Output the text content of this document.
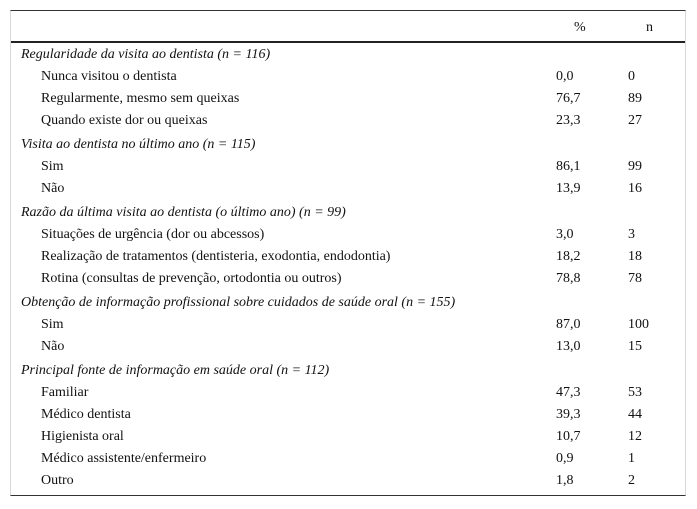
%	n
Regularidade da visita ao dentista (n = 116)
Nunca visitou o dentista	0,0	0
Regularmente, mesmo sem queixas	76,7	89
Quando existe dor ou queixas	23,3	27
Visita ao dentista no último ano (n = 115)
Sim	86,1	99
Não	13,9	16
Razão da última visita ao dentista (o último ano) (n = 99)
Situações de urgência (dor ou abcessos)	3,0	3
Realização de tratamentos (dentisteria, exodontia, endodontia)	18,2	18
Rotina (consultas de prevenção, ortodontia ou outros)	78,8	78
Obtenção de informação profissional sobre cuidados de saúde oral (n = 155)
Sim	87,0	100
Não	13,0	15
Principal fonte de informação em saúde oral (n = 112)
Familiar	47,3	53
Médico dentista	39,3	44
Higienista oral	10,7	12
Médico assistente/enfermeiro	0,9	1
Outro	1,8	2
